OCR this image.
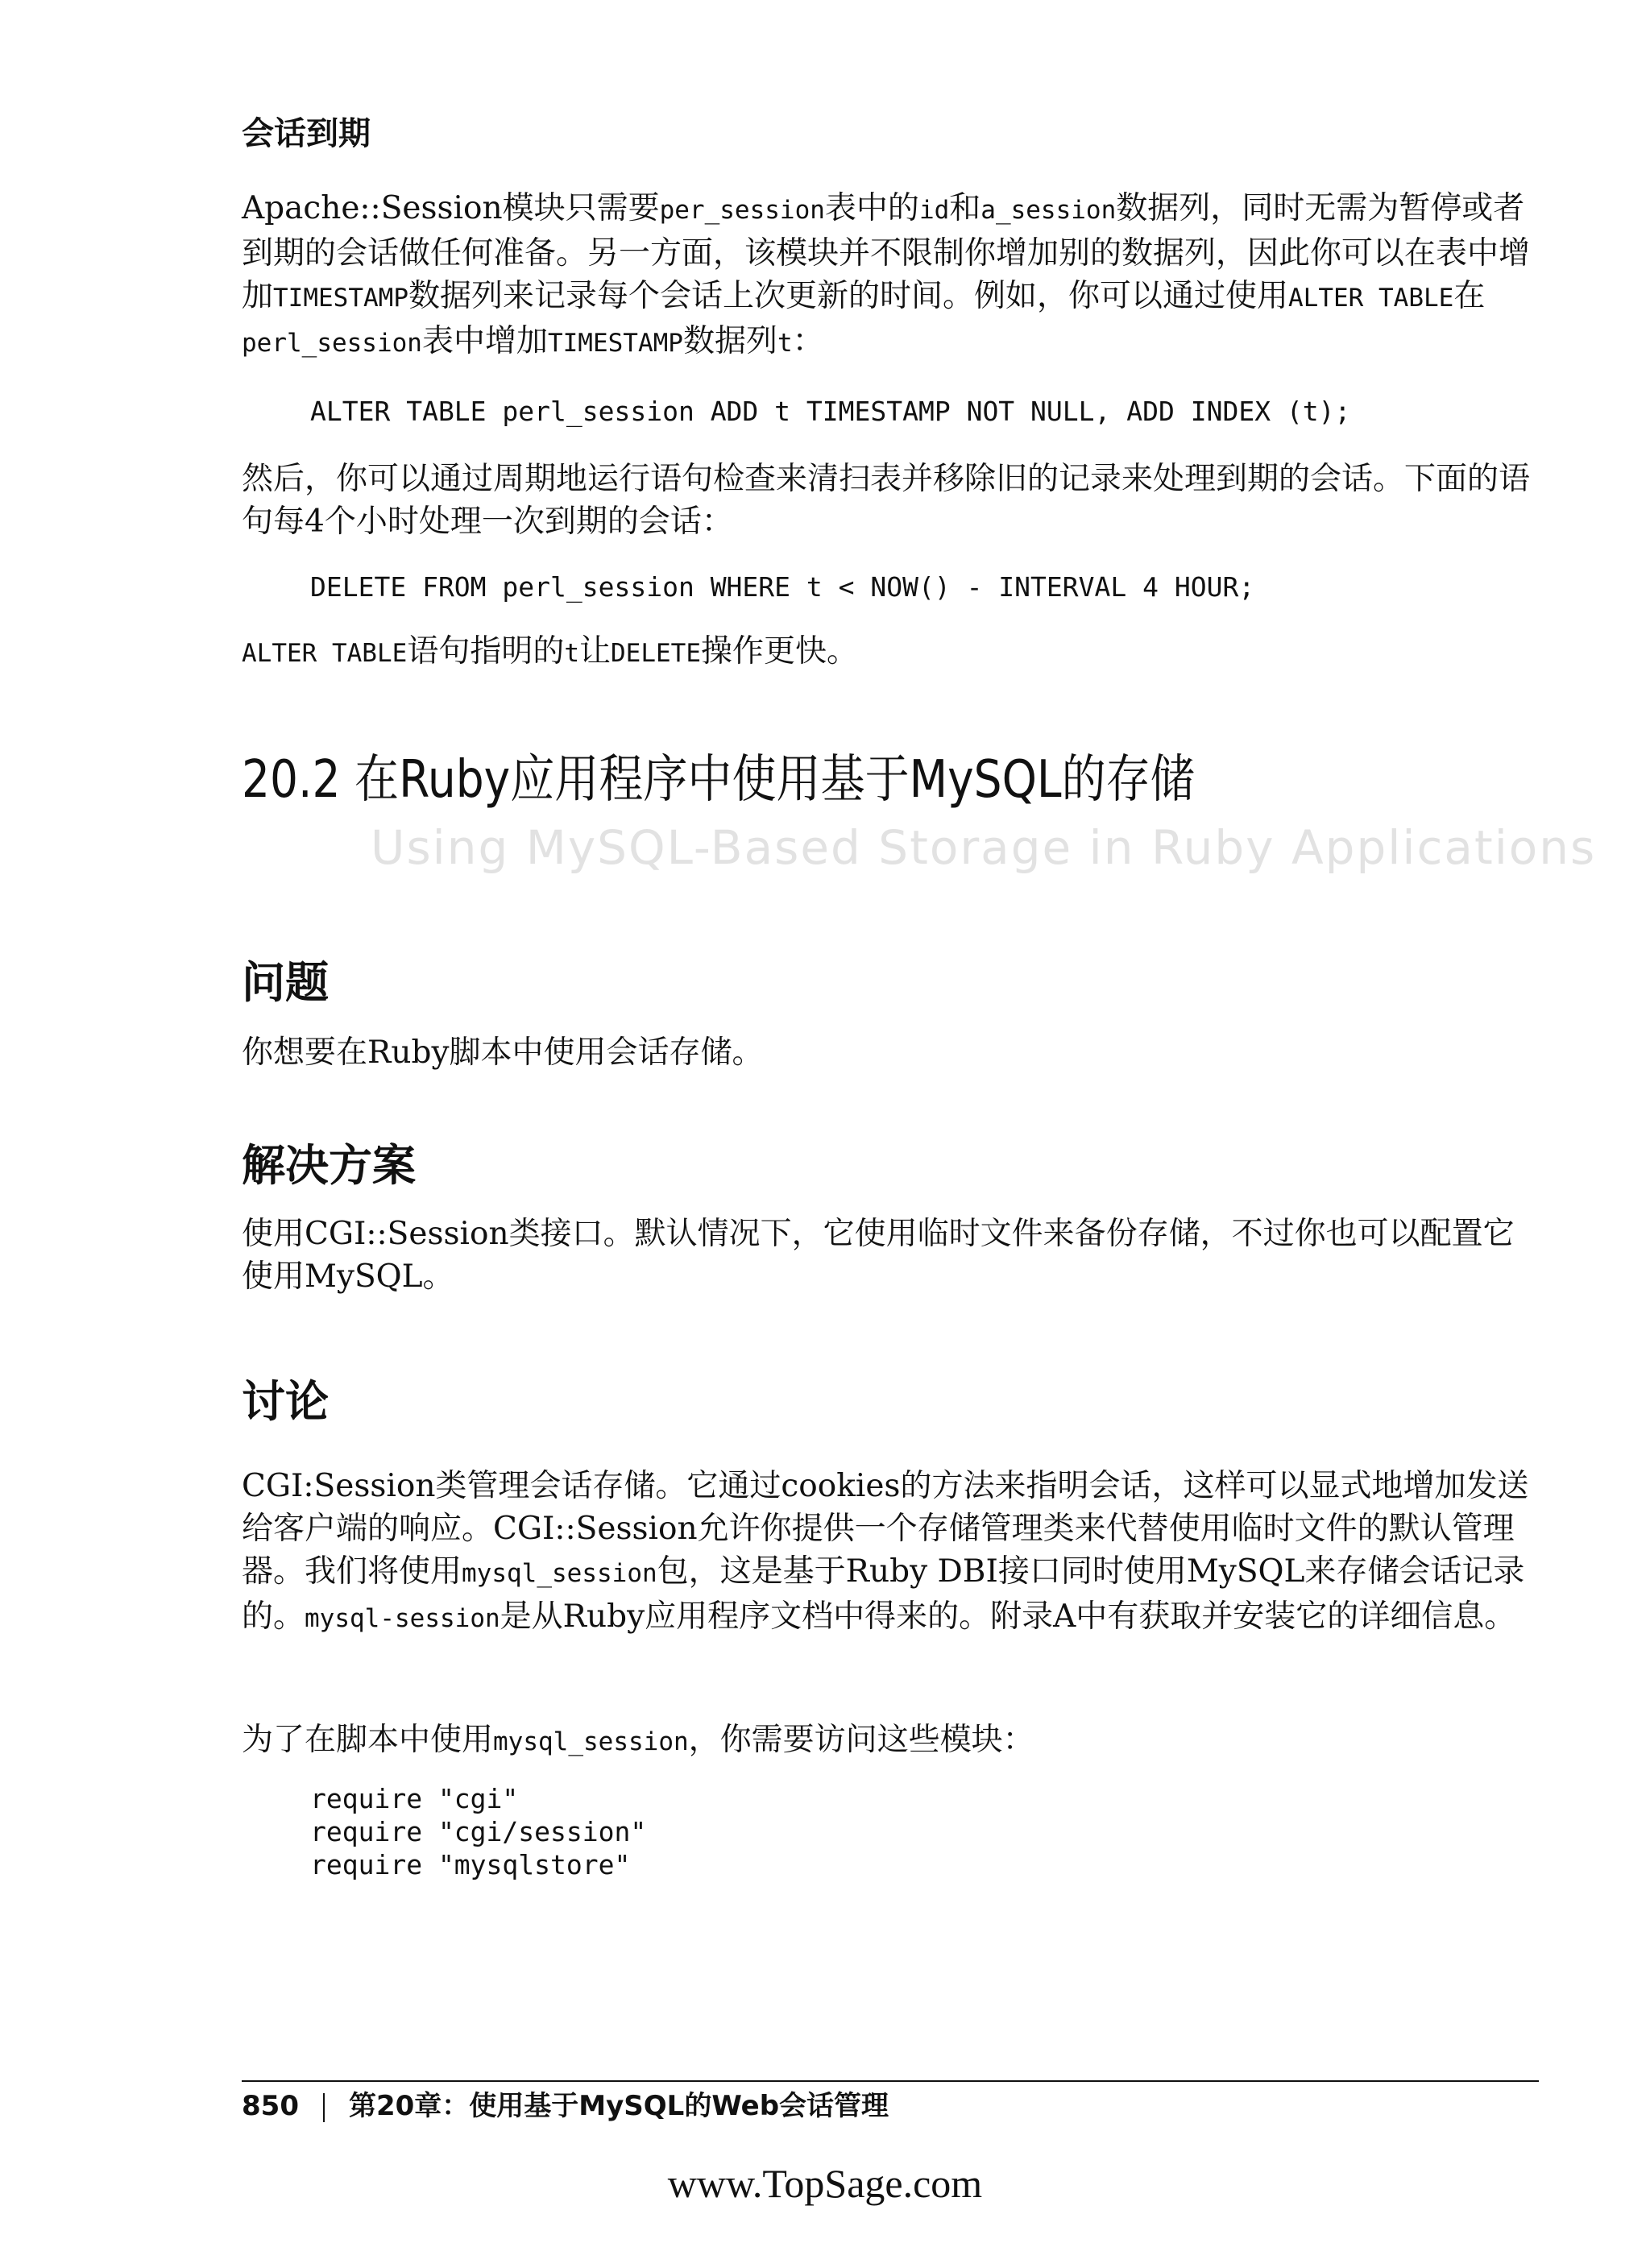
会话到期
Apache::Session模块只需要per_session表中的id和a_session数据列，同时无需为暂停或者到期的会话做任何准备。另一方面，该模块并不限制你增加别的数据列，因此你可以在表中增加TIMESTAMP数据列来记录每个会话上次更新的时间。例如，你可以通过使用ALTER TABLE在perl_session表中增加TIMESTAMP数据列t：
ALTER TABLE perl_session ADD t TIMESTAMP NOT NULL, ADD INDEX (t);
然后，你可以通过周期地运行语句检查来清扫表并移除旧的记录来处理到期的会话。下面的语句每4个小时处理一次到期的会话：
DELETE FROM perl_session WHERE t < NOW() - INTERVAL 4 HOUR;
ALTER TABLE语句指明的t让DELETE操作更快。
20.2 在Ruby应用程序中使用基于MySQL的存储
Using MySQL-Based Storage in Ruby Applications
问题
你想要在Ruby脚本中使用会话存储。
解决方案
使用CGI::Session类接口。默认情况下，它使用临时文件来备份存储，不过你也可以配置它使用MySQL。
讨论
CGI:Session类管理会话存储。它通过cookies的方法来指明会话，这样可以显式地增加发送给客户端的响应。CGI::Session允许你提供一个存储管理类来代替使用临时文件的默认管理器。我们将使用mysql_session包，这是基于Ruby DBI接口同时使用MySQL来存储会话记录的。mysql-session是从Ruby应用程序文档中得来的。附录A中有获取并安装它的详细信息。
为了在脚本中使用mysql_session，你需要访问这些模块：
require "cgi"
require "cgi/session"
require "mysqlstore"
850 第20章：使用基于MySQL的Web会话管理
www.TopSage.com
